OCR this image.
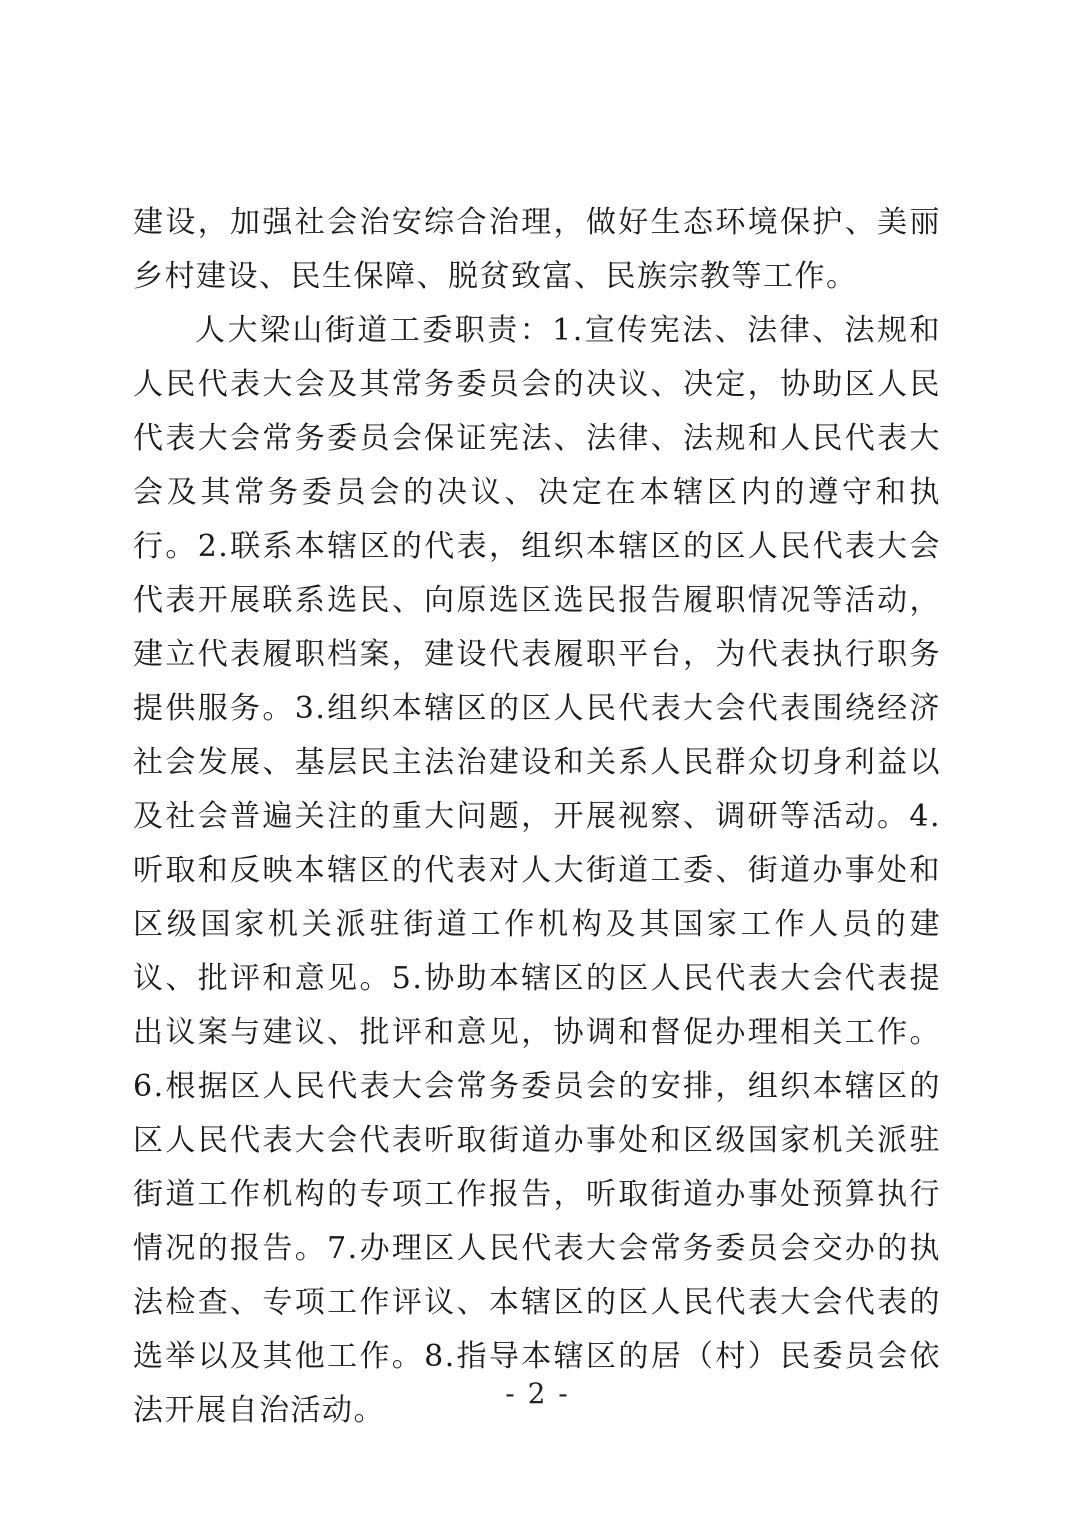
建设，加强社会治安综合治理，做好生态环境保护、美丽乡村建设、民生保障、脱贫致富、民族宗教等工作。

人大梁山街道工委职责：1.宣传宪法、法律、法规和人民代表大会及其常务委员会的决议、决定，协助区人民代表大会常务委员会保证宪法、法律、法规和人民代表大会及其常务委员会的决议、决定在本辖区内的遵守和执行。2.联系本辖区的代表，组织本辖区的区人民代表大会代表开展联系选民、向原选区选民报告履职情况等活动，建立代表履职档案，建设代表履职平台，为代表执行职务提供服务。3.组织本辖区的区人民代表大会代表围绕经济社会发展、基层民主法治建设和关系人民群众切身利益以及社会普遍关注的重大问题，开展视察、调研等活动。4.听取和反映本辖区的代表对人大街道工委、街道办事处和区级国家机关派驻街道工作机构及其国家工作人员的建议、批评和意见。5.协助本辖区的区人民代表大会代表提出议案与建议、批评和意见，协调和督促办理相关工作。6.根据区人民代表大会常务委员会的安排，组织本辖区的区人民代表大会代表听取街道办事处和区级国家机关派驻街道工作机构的专项工作报告，听取街道办事处预算执行情况的报告。7.办理区人民代表大会常务委员会交办的执法检查、专项工作评议、本辖区的区人民代表大会代表的选举以及其他工作。8.指导本辖区的居（村）民委员会依法开展自治活动。	- 2 -
